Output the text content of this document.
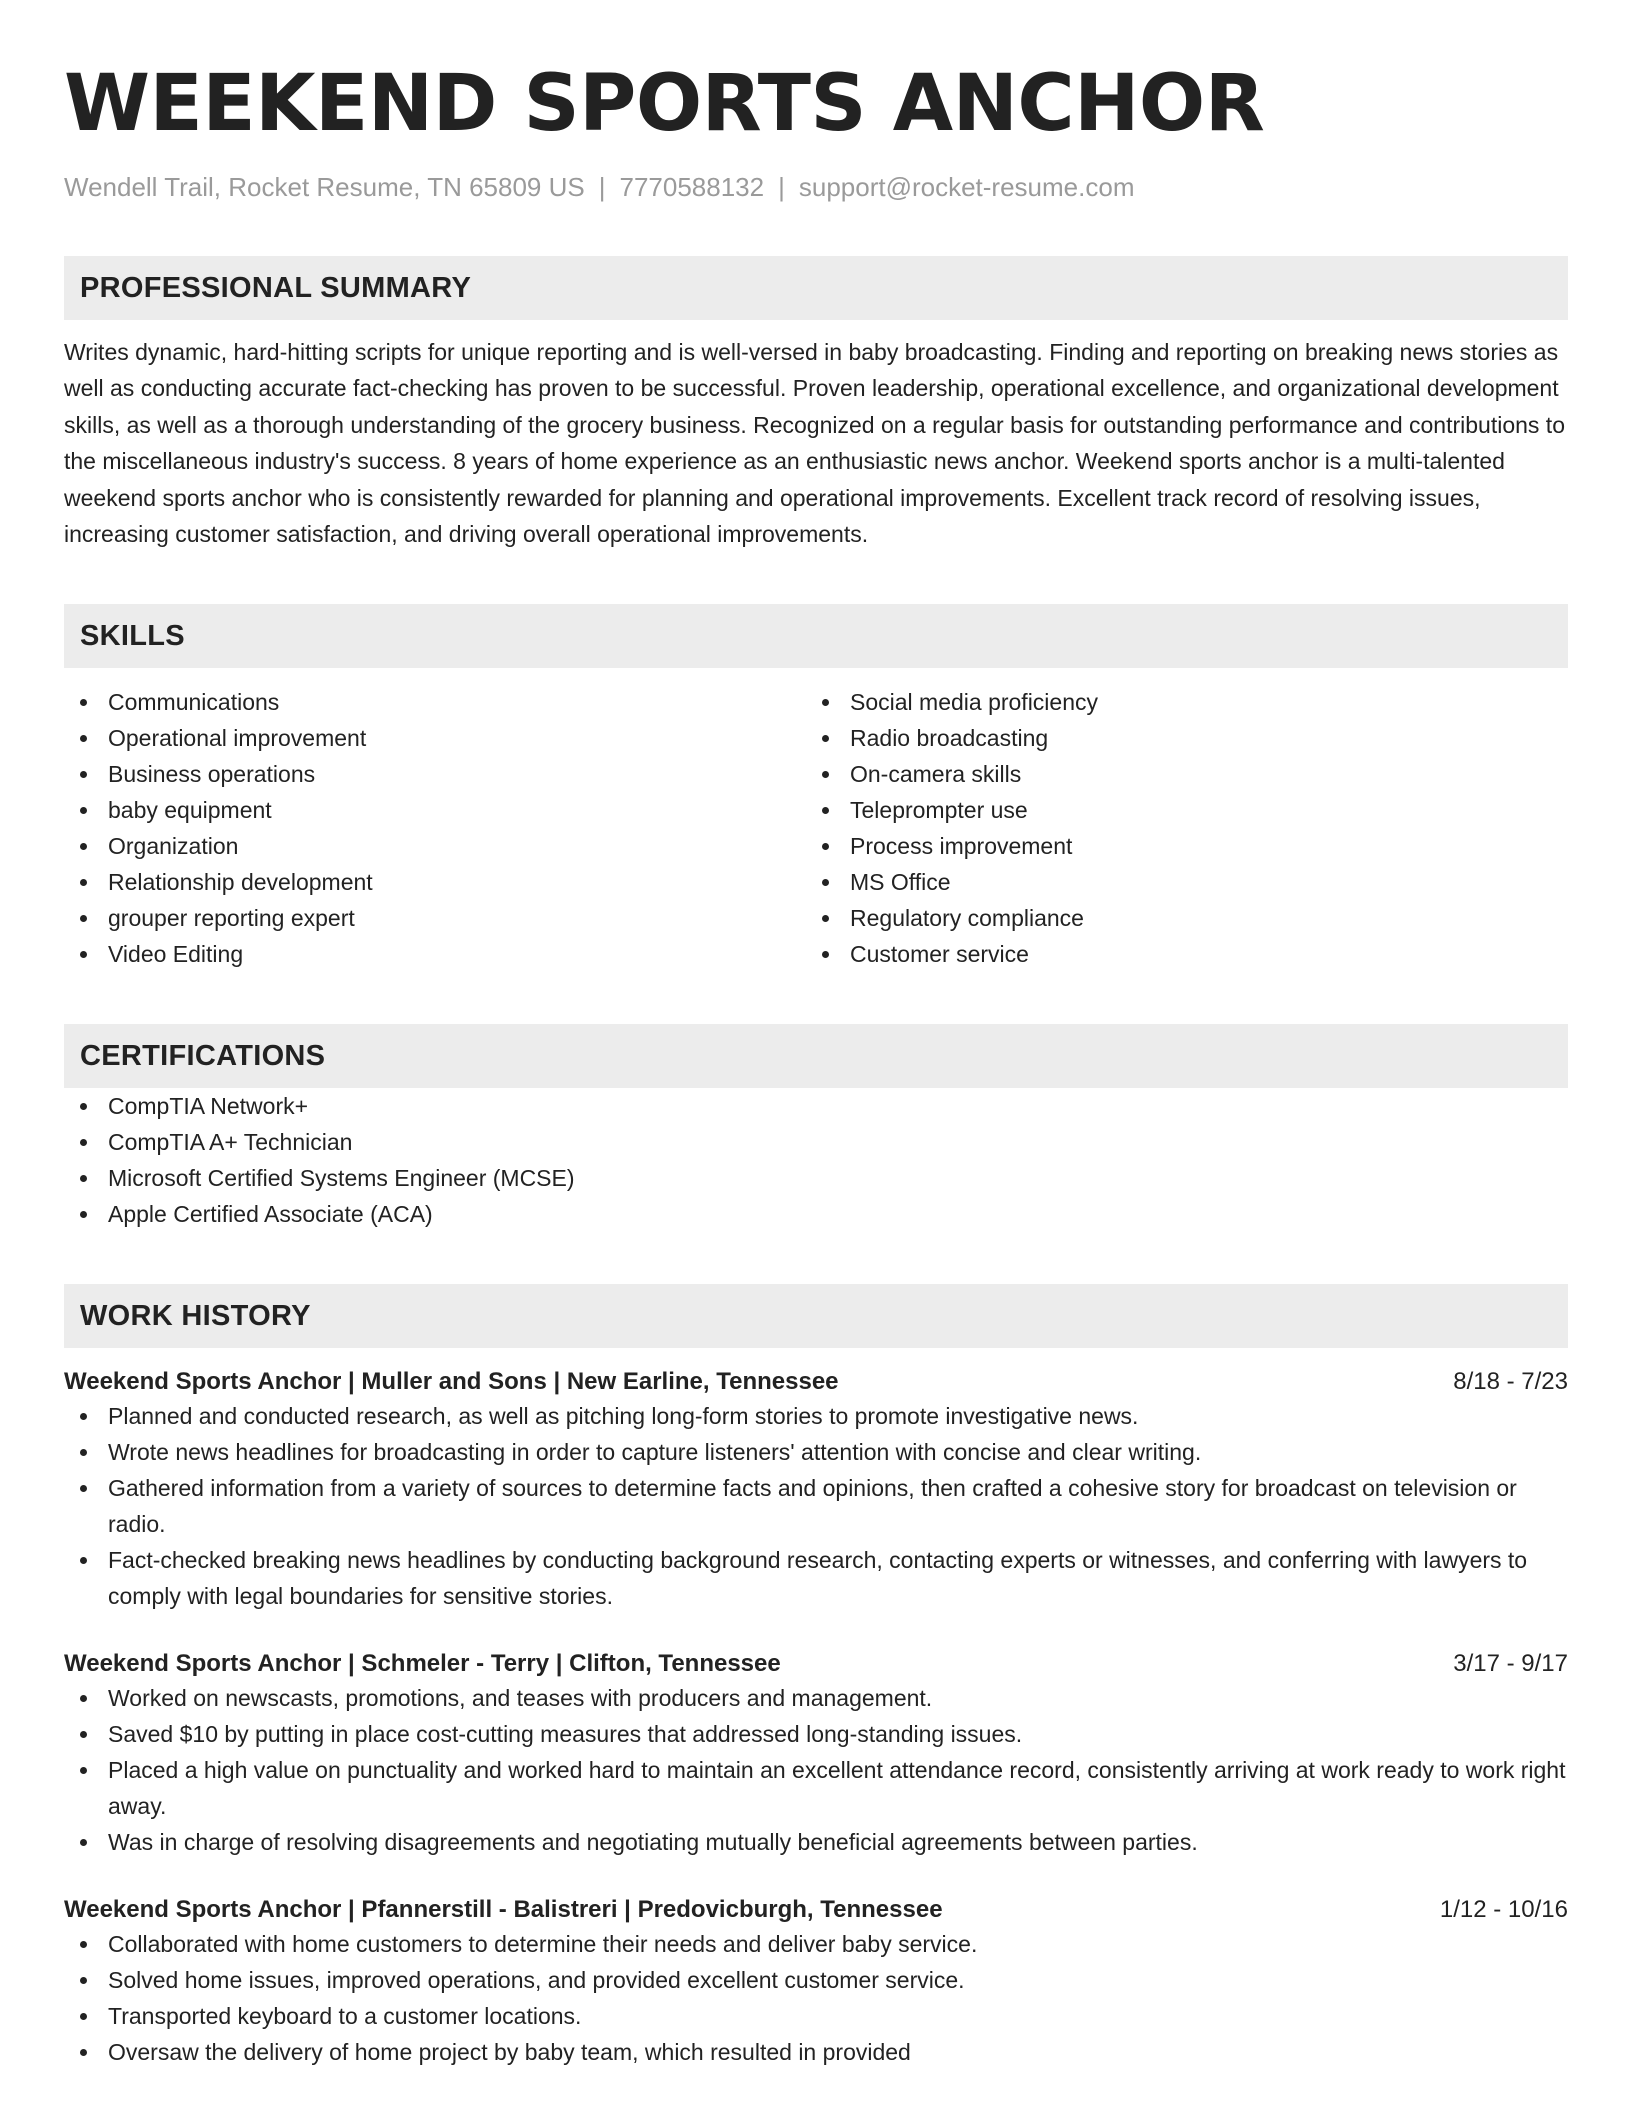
WEEKEND SPORTS ANCHOR
Wendell Trail, Rocket Resume, TN 65809 US | 7770588132 | support@rocket-resume.com
PROFESSIONAL SUMMARY
Writes dynamic, hard-hitting scripts for unique reporting and is well-versed in baby broadcasting. Finding and reporting on breaking news stories as well as conducting accurate fact-checking has proven to be successful. Proven leadership, operational excellence, and organizational development skills, as well as a thorough understanding of the grocery business. Recognized on a regular basis for outstanding performance and contributions to the miscellaneous industry's success. 8 years of home experience as an enthusiastic news anchor. Weekend sports anchor is a multi-talented weekend sports anchor who is consistently rewarded for planning and operational improvements. Excellent track record of resolving issues, increasing customer satisfaction, and driving overall operational improvements.
SKILLS
Communications
Operational improvement
Business operations
baby equipment
Organization
Relationship development
grouper reporting expert
Video Editing
Social media proficiency
Radio broadcasting
On-camera skills
Teleprompter use
Process improvement
MS Office
Regulatory compliance
Customer service
CERTIFICATIONS
CompTIA Network+
CompTIA A+ Technician
Microsoft Certified Systems Engineer (MCSE)
Apple Certified Associate (ACA)
WORK HISTORY
Weekend Sports Anchor | Muller and Sons | New Earline, Tennessee	8/18 - 7/23
Planned and conducted research, as well as pitching long-form stories to promote investigative news.
Wrote news headlines for broadcasting in order to capture listeners' attention with concise and clear writing.
Gathered information from a variety of sources to determine facts and opinions, then crafted a cohesive story for broadcast on television or radio.
Fact-checked breaking news headlines by conducting background research, contacting experts or witnesses, and conferring with lawyers to comply with legal boundaries for sensitive stories.
Weekend Sports Anchor | Schmeler - Terry | Clifton, Tennessee	3/17 - 9/17
Worked on newscasts, promotions, and teases with producers and management.
Saved $10 by putting in place cost-cutting measures that addressed long-standing issues.
Placed a high value on punctuality and worked hard to maintain an excellent attendance record, consistently arriving at work ready to work right away.
Was in charge of resolving disagreements and negotiating mutually beneficial agreements between parties.
Weekend Sports Anchor | Pfannerstill - Balistreri | Predovicburgh, Tennessee	1/12 - 10/16
Collaborated with home customers to determine their needs and deliver baby service.
Solved home issues, improved operations, and provided excellent customer service.
Transported keyboard to a customer locations.
Oversaw the delivery of home project by baby team, which resulted in provided
